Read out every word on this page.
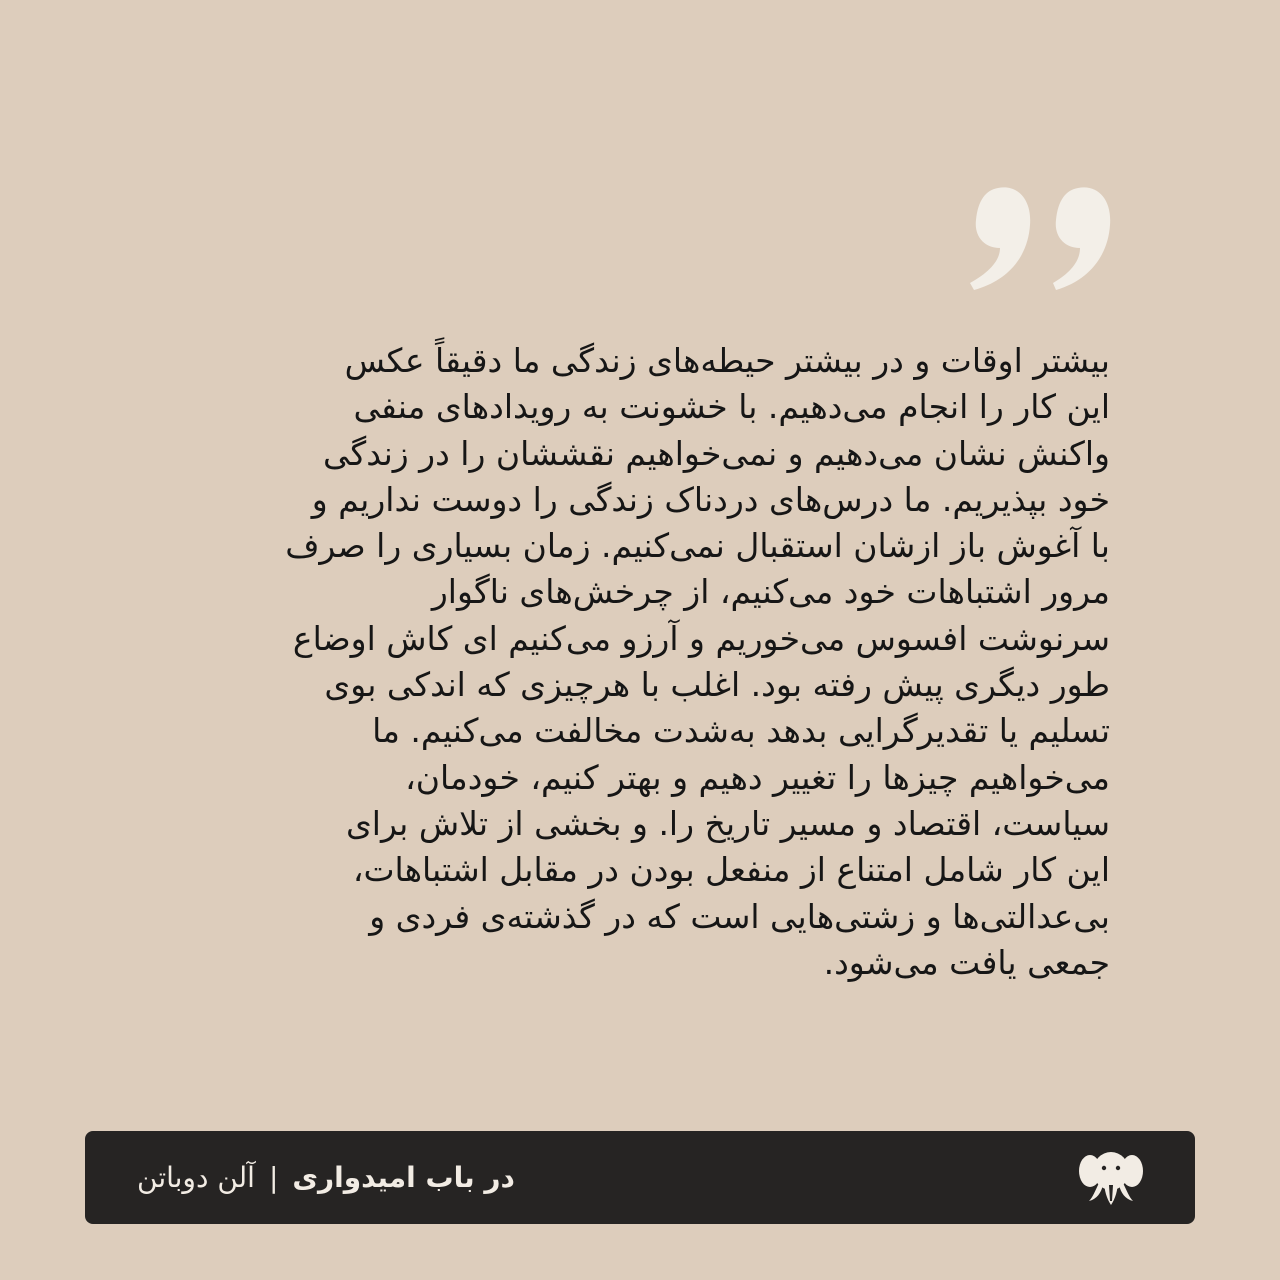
بیشتر اوقات و در بیشتر حیطه‌های زندگی ما دقیقاً عکس
این کار را انجام می‌دهیم. با خشونت به رویدادهای منفی
واکنش نشان می‌دهیم و نمی‌خواهیم نقششان را در زندگی
خود بپذیریم. ما درس‌های دردناک زندگی را دوست نداریم و
با آغوش باز ازشان استقبال نمی‌کنیم. زمان بسیاری را صرف
مرور اشتباهات خود می‌کنیم، از چرخش‌های ناگوار
سرنوشت افسوس می‌خوریم و آرزو می‌کنیم ای کاش اوضاع
طور دیگری پیش رفته بود. اغلب با هرچیزی که اندکی بوی
تسلیم یا تقدیرگرایی بدهد به‌شدت مخالفت می‌کنیم. ما
می‌خواهیم چیزها را تغییر دهیم و بهتر کنیم، خودمان،
سیاست، اقتصاد و مسیر تاریخ را. و بخشی از تلاش برای
این کار شامل امتناع از منفعل بودن در مقابل اشتباهات،
بی‌عدالتی‌ها و زشتی‌هایی است که در گذشته‌ی فردی و
جمعی یافت می‌شود.
در باب امیدواری
|
آلن دوباتن
